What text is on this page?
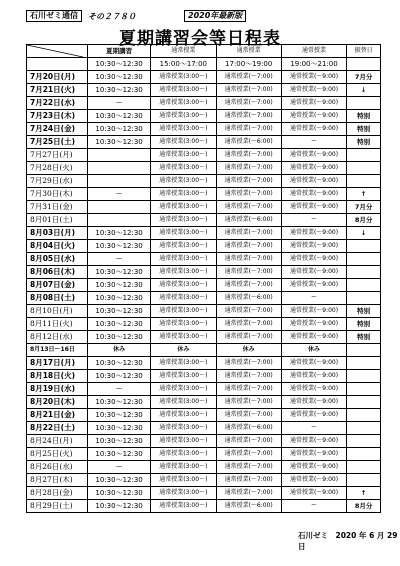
石川ゼミ通信	その２７８０	2020年最新版
夏期講習会等日程表
	夏期講習	通常授業	通常授業	通常授業	振替日
	10:30〜12:30	15:00〜17:00	17:00〜19:00	19:00〜21:00	
7月20日(月)	10:30〜12:30	通常授業(3:00〜)	通常授業(〜7:00)	通常授業(〜9:00)	7月分
7月21日(火)	10:30〜12:30	通常授業(3:00〜)	通常授業(〜7:00)	通常授業(〜9:00)	↓
7月22日(水)	ー	通常授業(3:00〜)	通常授業(〜7:00)	通常授業(〜9:00)	
7月23日(木)	10:30〜12:30	通常授業(3:00〜)	通常授業(〜7:00)	通常授業(〜9:00)	特別
7月24日(金)	10:30〜12:30	通常授業(3:00〜)	通常授業(〜7:00)	通常授業(〜9:00)	特別
7月25日(土)	10:30〜12:30	通常授業(3:00〜)	通常授業(〜6:00)	ー	特別
7月27日(月)		通常授業(3:00〜)	通常授業(〜7:00)	通常授業(〜9:00)	
7月28日(火)		通常授業(3:00〜)	通常授業(〜7:00)	通常授業(〜9:00)	
7月29日(水)		通常授業(3:00〜)	通常授業(〜7:00)	通常授業(〜9:00)	
7月30日(木)	ー	通常授業(3:00〜)	通常授業(〜7:00)	通常授業(〜9:00)	↑
7月31日(金)		通常授業(3:00〜)	通常授業(〜7:00)	通常授業(〜9:00)	7月分
8月01日(土)		通常授業(3:00〜)	通常授業(〜6:00)	ー	8月分
8月03日(月)	10:30〜12:30	通常授業(3:00〜)	通常授業(〜7:00)	通常授業(〜9:00)	↓
8月04日(火)	10:30〜12:30	通常授業(3:00〜)	通常授業(〜7:00)	通常授業(〜9:00)	
8月05日(水)	ー	通常授業(3:00〜)	通常授業(〜7:00)	通常授業(〜9:00)	
8月06日(木)	10:30〜12:30	通常授業(3:00〜)	通常授業(〜7:00)	通常授業(〜9:00)	
8月07日(金)	10:30〜12:30	通常授業(3:00〜)	通常授業(〜7:00)	通常授業(〜9:00)	
8月08日(土)	10:30〜12:30	通常授業(3:00〜)	通常授業(〜6:00)	ー	
8月10日(月)	10:30〜12:30	通常授業(3:00〜)	通常授業(〜7:00)	通常授業(〜9:00)	特別
8月11日(火)	10:30〜12:30	通常授業(3:00〜)	通常授業(〜7:00)	通常授業(〜9:00)	特別
8月12日(水)	10:30〜12:30	通常授業(3:00〜)	通常授業(〜7:00)	通常授業(〜9:00)	特別
8月13日〜16日	休み	休み	休み	休み	
8月17日(月)	10:30〜12:30	通常授業(3:00〜)	通常授業(〜7:00)	通常授業(〜9:00)	
8月18日(火)	10:30〜12:30	通常授業(3:00〜)	通常授業(〜7:00)	通常授業(〜9:00)	
8月19日(水)	ー	通常授業(3:00〜)	通常授業(〜7:00)	通常授業(〜9:00)	
8月20日(木)	10:30〜12:30	通常授業(3:00〜)	通常授業(〜7:00)	通常授業(〜9:00)	
8月21日(金)	10:30〜12:30	通常授業(3:00〜)	通常授業(〜7:00)	通常授業(〜9:00)	
8月22日(土)	10:30〜12:30	通常授業(3:00〜)	通常授業(〜6:00)	ー	
8月24日(月)	10:30〜12:30	通常授業(3:00〜)	通常授業(〜7:00)	通常授業(〜9:00)	
8月25日(火)	10:30〜12:30	通常授業(3:00〜)	通常授業(〜7:00)	通常授業(〜9:00)	
8月26日(水)	ー	通常授業(3:00〜)	通常授業(〜7:00)	通常授業(〜9:00)	
8月27日(木)	10:30〜12:30	通常授業(3:00〜)	通常授業(〜7:00)	通常授業(〜9:00)	
8月28日(金)	10:30〜12:30	通常授業(3:00〜)	通常授業(〜7:00)	通常授業(〜9:00)	↑
8月29日(土)	10:30〜12:30	通常授業(3:00〜)	通常授業(〜6:00)	ー	8月分
石川ゼミ　2020 年 6 月 29 日
